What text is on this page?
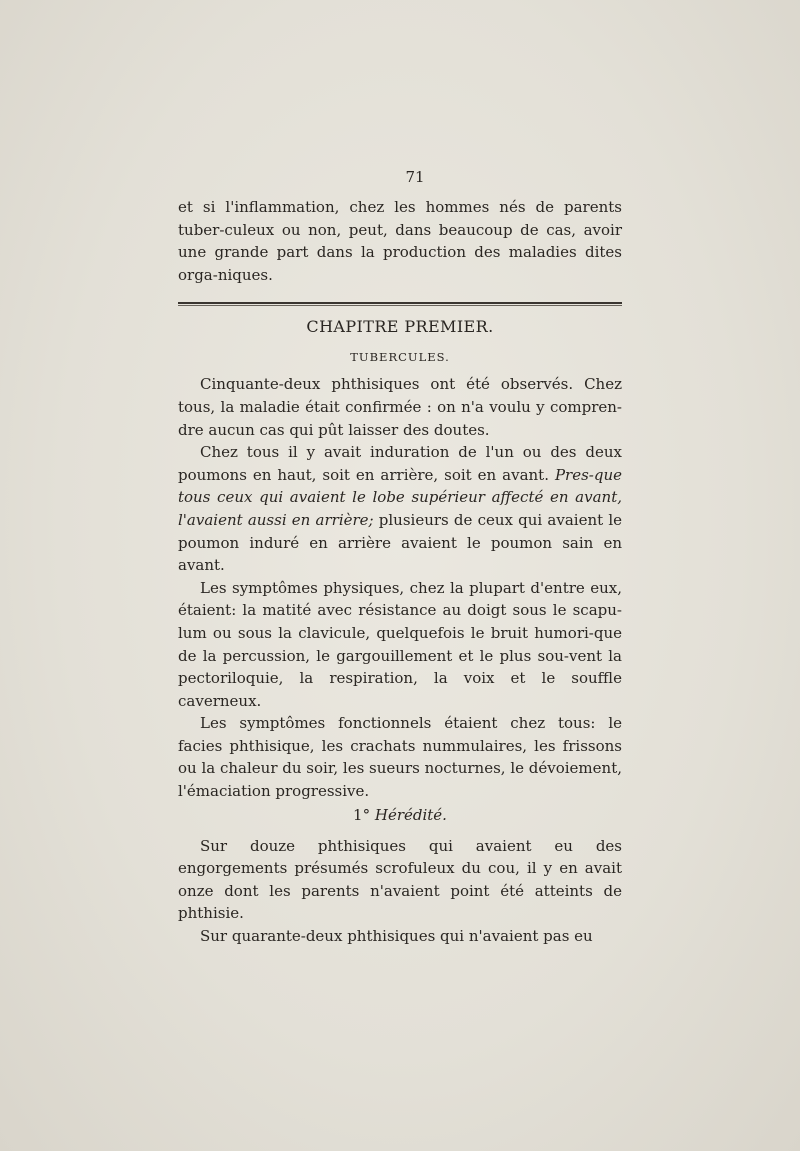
71

et si l'inflammation, chez les hommes nés de parents tuber-culeux ou non, peut, dans beaucoup de cas, avoir une grande part dans la production des maladies dites orga-niques.

CHAPITRE PREMIER.
TUBERCULES.

Cinquante-deux phthisiques ont été observés. Chez tous, la maladie était confirmée : on n'a voulu y compren-dre aucun cas qui pût laisser des doutes.

Chez tous il y avait induration de l'un ou des deux poumons en haut, soit en arrière, soit en avant. Pres-que tous ceux qui avaient le lobe supérieur affecté en avant, l'avaient aussi en arrière; plusieurs de ceux qui avaient le poumon induré en arrière avaient le poumon sain en avant.

Les symptômes physiques, chez la plupart d'entre eux, étaient: la matité avec résistance au doigt sous le scapu-lum ou sous la clavicule, quelquefois le bruit humori-que de la percussion, le gargouillement et le plus sou-vent la pectoriloquie, la respiration, la voix et le souffle caverneux.

Les symptômes fonctionnels étaient chez tous: le facies phthisique, les crachats nummulaires, les frissons ou la chaleur du soir, les sueurs nocturnes, le dévoiement, l'émaciation progressive.

1° Hérédité.

Sur douze phthisiques qui avaient eu des engorgements présumés scrofuleux du cou, il y en avait onze dont les parents n'avaient point été atteints de phthisie.

Sur quarante-deux phthisiques qui n'avaient pas eu
